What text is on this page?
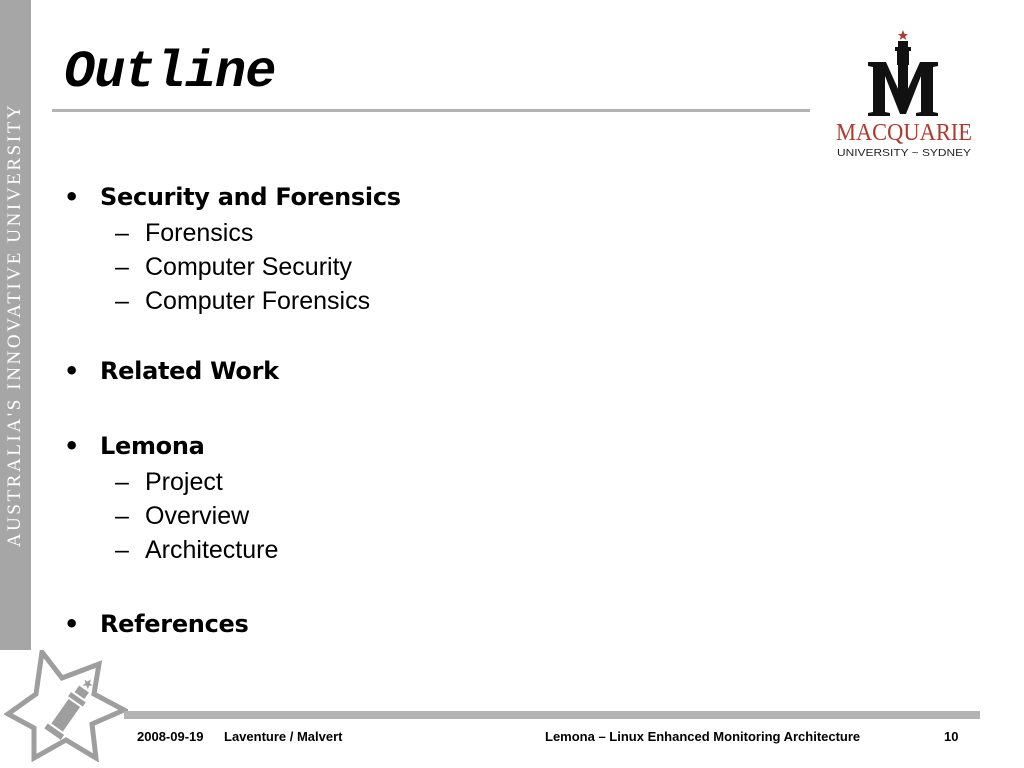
AUSTRALIA'S INNOVATIVE UNIVERSITY
Outline
MACQUARIE
UNIVERSITY ~ SYDNEY
• Security and Forensics
– Forensics
– Computer Security
– Computer Forensics
• Related Work
• Lemona
– Project
– Overview
– Architecture
• References
2008-09-19 Laventure / Malvert	Lemona – Linux Enhanced Monitoring Architecture	10
